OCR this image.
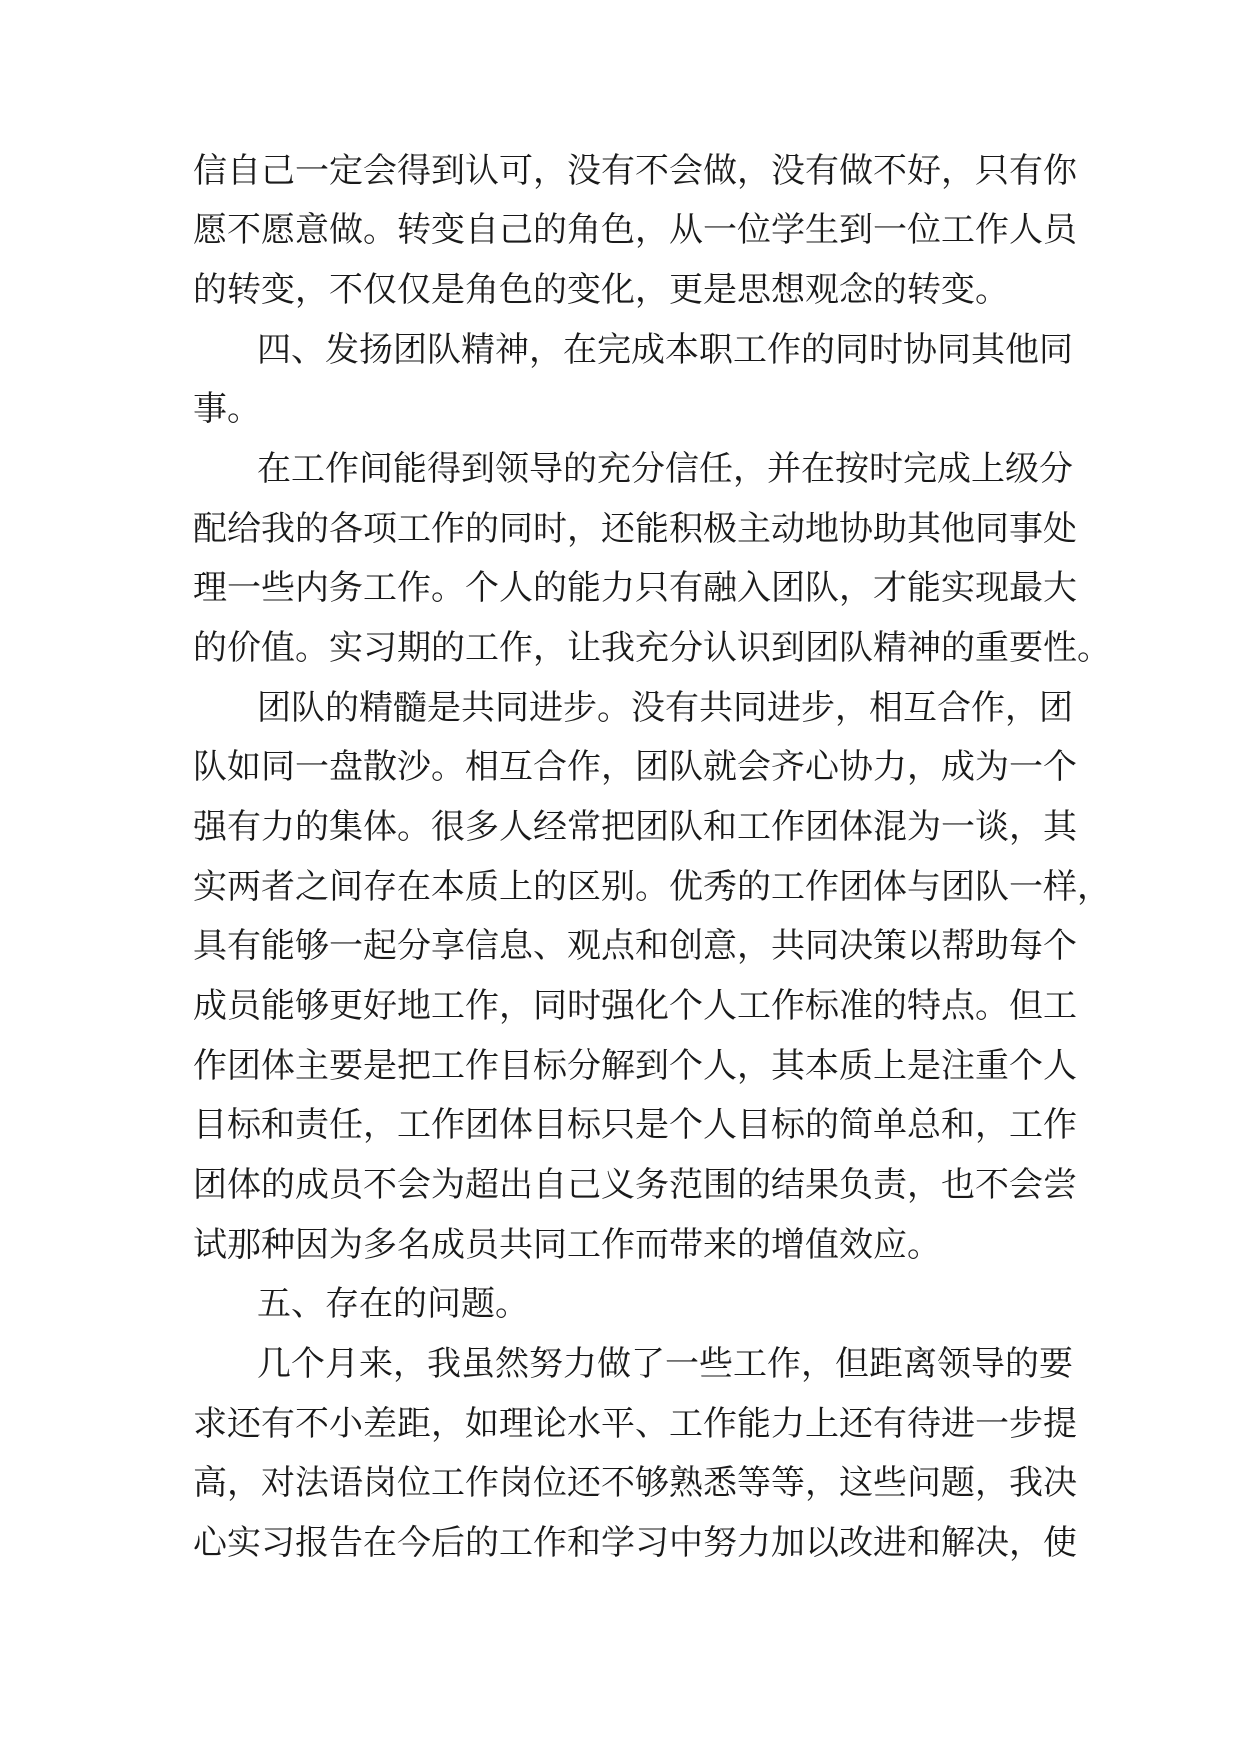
信自己一定会得到认可，没有不会做，没有做不好，只有你
愿不愿意做。转变自己的角色，从一位学生到一位工作人员
的转变，不仅仅是角色的变化，更是思想观念的转变。
四、发扬团队精神，在完成本职工作的同时协同其他同
事。
在工作间能得到领导的充分信任，并在按时完成上级分
配给我的各项工作的同时，还能积极主动地协助其他同事处
理一些内务工作。个人的能力只有融入团队，才能实现最大
的价值。实习期的工作，让我充分认识到团队精神的重要性。
团队的精髓是共同进步。没有共同进步，相互合作，团
队如同一盘散沙。相互合作，团队就会齐心协力，成为一个
强有力的集体。很多人经常把团队和工作团体混为一谈，其
实两者之间存在本质上的区别。优秀的工作团体与团队一样，
具有能够一起分享信息、观点和创意，共同决策以帮助每个
成员能够更好地工作，同时强化个人工作标准的特点。但工
作团体主要是把工作目标分解到个人，其本质上是注重个人
目标和责任，工作团体目标只是个人目标的简单总和，工作
团体的成员不会为超出自己义务范围的结果负责，也不会尝
试那种因为多名成员共同工作而带来的增值效应。
五、存在的问题。
几个月来，我虽然努力做了一些工作，但距离领导的要
求还有不小差距，如理论水平、工作能力上还有待进一步提
高，对法语岗位工作岗位还不够熟悉等等，这些问题，我决
心实习报告在今后的工作和学习中努力加以改进和解决，使
